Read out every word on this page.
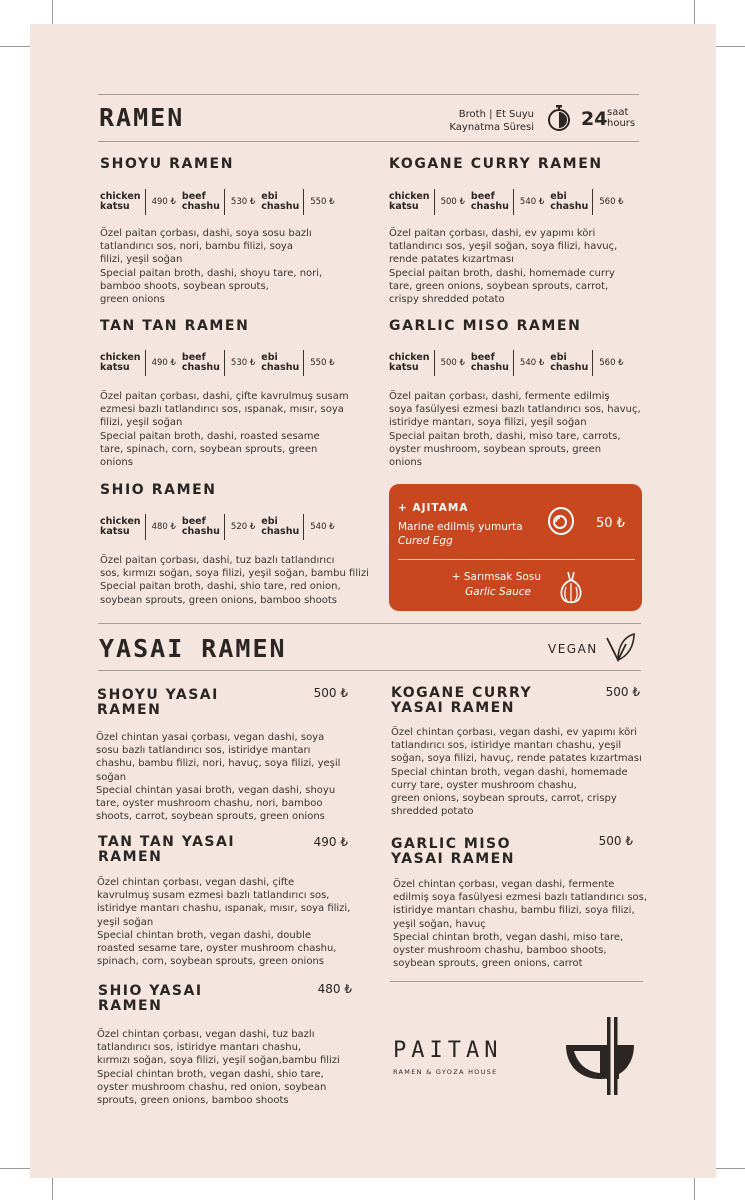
RAMEN	Broth | Et Suyu
Kaynatma Süresi 24 saat
hours
SHOYU RAMEN
chicken
katsu	490 ₺
beef
chashu 530 ₺
ebi
chashu 550 ₺
Özel paitan çorbası, dashi, soya sosu bazlı
tatlandırıcı sos, nori, bambu filizi, soya
filizi, yeşil soğan
Special paitan broth, dashi, shoyu tare, nori,
bamboo shoots, soybean sprouts,
green onions
KOGANE CURRY RAMEN
chicken
katsu	500 ₺
beef
chashu 540 ₺
ebi
chashu 560 ₺
Özel paitan çorbası, dashi, ev yapımı köri
tatlandırıcı sos, yeşil soğan, soya filizi, havuç,
rende patates kızartması
Special paitan broth, dashi, homemade curry
tare, green onions, soybean sprouts, carrot,
crispy shredded potato
TAN TAN RAMEN
chicken
katsu	490 ₺
beef
chashu 530 ₺
ebi
chashu 550 ₺
Özel paitan çorbası, dashi, çifte kavrulmuş susam
ezmesi bazlı tatlandırıcı sos, ıspanak, mısır, soya
filizi, yeşil soğan
Special paitan broth, dashi, roasted sesame
tare, spinach, corn, soybean sprouts, green
onions
GARLIC MISO RAMEN
chicken
katsu	500 ₺
beef
chashu 540 ₺
ebi
chashu 560 ₺
Özel paitan çorbası, dashi, fermente edilmiş
soya fasülyesi ezmesi bazlı tatlandırıcı sos, havuç,
istiridye mantarı, soya filizi, yeşil soğan
Special paitan broth, dashi, miso tare, carrots,
oyster mushroom, soybean sprouts, green
onions
SHIO RAMEN
chicken
katsu	480 ₺
beef
chashu 520 ₺
ebi
chashu 540 ₺
Özel paitan çorbası, dashi, tuz bazlı tatlandırıcı
sos, kırmızı soğan, soya filizi, yeşil soğan, bambu filizi
Special paitan broth, dashi, shio tare, red onion,
soybean sprouts, green onions, bamboo shoots
+ AJITAMA
Marine edilmiş yumurta
Cured Egg
50 ₺
+ Sarımsak Sosu
Garlic Sauce
YASAI RAMEN	VEGAN
SHOYU YASAI
RAMEN
500 ₺
Özel chintan yasai çorbası, vegan dashi, soya
sosu bazlı tatlandırıcı sos, istiridye mantarı
chashu, bambu filizi, nori, havuç, soya filizi, yeşil
soğan
Special chintan yasai broth, vegan dashi, shoyu
tare, oyster mushroom chashu, nori, bamboo
shoots, carrot, soybean sprouts, green onions
KOGANE CURRY
YASAI RAMEN
500 ₺
Özel chintan çorbası, vegan dashi, ev yapımı köri
tatlandırıcı sos, istiridye mantarı chashu, yeşil
soğan, soya filizi, havuç, rende patates kızartması
Special chintan broth, vegan dashi, homemade
curry tare, oyster mushroom chashu,
green onions, soybean sprouts, carrot, crispy
shredded potato
TAN TAN YASAI
RAMEN
490 ₺
Özel chintan çorbası, vegan dashi, çifte
kavrulmuş susam ezmesi bazlı tatlandırıcı sos,
istiridye mantarı chashu, ıspanak, mısır, soya filizi,
yeşil soğan
Special chintan broth, vegan dashi, double
roasted sesame tare, oyster mushroom chashu,
spinach, corn, soybean sprouts, green onions
GARLIC MISO
YASAI RAMEN
500 ₺
Özel chintan çorbası, vegan dashi, fermente
edilmiş soya fasülyesi ezmesi bazlı tatlandırıcı sos,
istiridye mantarı chashu, bambu filizi, soya filizi,
yeşil soğan, havuç
Special chintan broth, vegan dashi, miso tare,
oyster mushroom chashu, bamboo shoots,
soybean sprouts, green onions, carrot
SHIO YASAI
RAMEN
480 ₺
Özel chintan çorbası, vegan dashi, tuz bazlı
tatlandırıcı sos, istiridye mantarı chashu,
kırmızı soğan, soya filizi, yeşil soğan,bambu filizi
Special chintan broth, vegan dashi, shio tare,
oyster mushroom chashu, red onion, soybean
sprouts, green onions, bamboo shoots
PAITAN
RAMEN & GYOZA HOUSE
